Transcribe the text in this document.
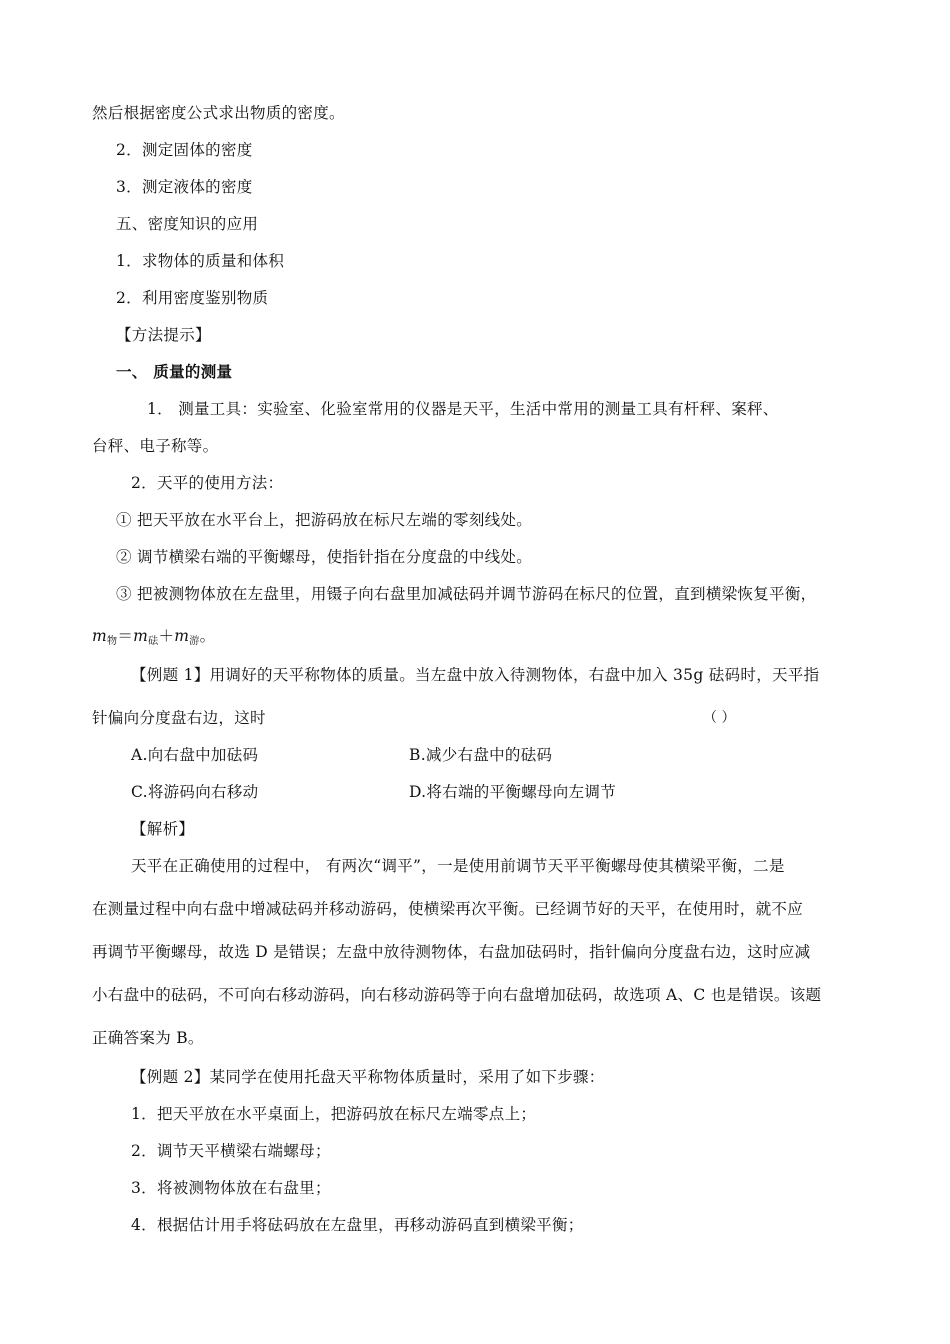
然后根据密度公式求出物质的密度。
2．测定固体的密度
3．测定液体的密度
五、密度知识的应用
1．求物体的质量和体积
2．利用密度鉴别物质
【方法提示】
一、 质量的测量
1． 测量工具：实验室、化验室常用的仪器是天平，生活中常用的测量工具有杆秤、案秤、
台秤、电子称等。
2．天平的使用方法：
① 把天平放在水平台上，把游码放在标尺左端的零刻线处。
② 调节横梁右端的平衡螺母，使指针指在分度盘的中线处。
③ 把被测物体放在左盘里，用镊子向右盘里加减砝码并调节游码在标尺的位置，直到横梁恢复平衡，
$m_物=m_砝+m_游$。
【例题 1】用调好的天平称物体的质量。当左盘中放入待测物体，右盘中加入 35g 砝码时，天平指
针偏向分度盘右边，这时	（ ）
A.向右盘中加砝码	B.减少右盘中的砝码
C.将游码向右移动	D.将右端的平衡螺母向左调节
【解析】
天平在正确使用的过程中， 有两次“调平”，一是使用前调节天平平衡螺母使其横梁平衡，二是
在测量过程中向右盘中增减砝码并移动游码，使横梁再次平衡。已经调节好的天平，在使用时，就不应
再调节平衡螺母，故选 D 是错误；左盘中放待测物体，右盘加砝码时，指针偏向分度盘右边，这时应减
小右盘中的砝码，不可向右移动游码，向右移动游码等于向右盘增加砝码，故选项 A、C 也是错误。该题
正确答案为 B。
【例题 2】某同学在使用托盘天平称物体质量时，采用了如下步骤：
1．把天平放在水平桌面上，把游码放在标尺左端零点上；
2．调节天平横梁右端螺母；
3．将被测物体放在右盘里；
4．根据估计用手将砝码放在左盘里，再移动游码直到横梁平衡；
